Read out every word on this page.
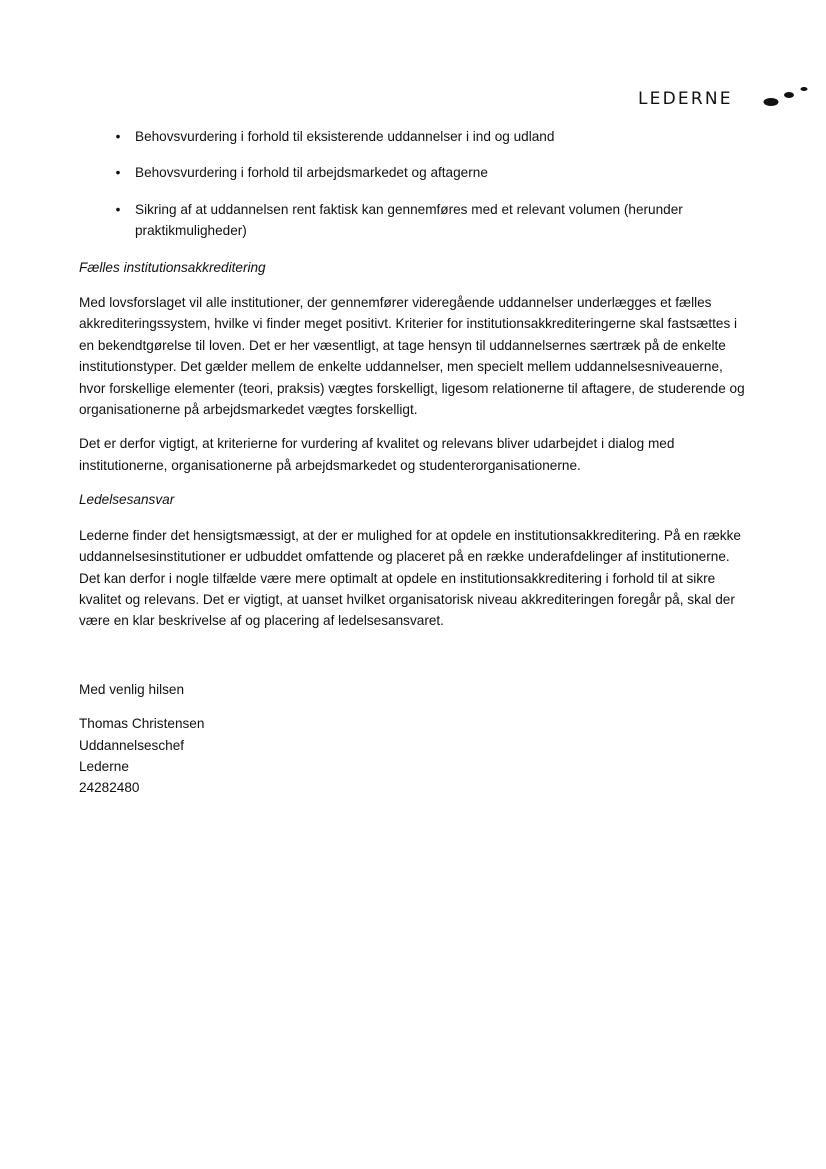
LEDERNE
•	Behovsvurdering i forhold til eksisterende uddannelser i ind og udland
•	Behovsvurdering i forhold til arbejdsmarkedet og aftagerne
•	Sikring af at uddannelsen rent faktisk kan gennemføres med et relevant volumen (herunder praktikmuligheder)

Fælles institutionsakkreditering

Med lovsforslaget vil alle institutioner, der gennemfører videregående uddannelser underlægges et fælles akkrediteringssystem, hvilke vi finder meget positivt. Kriterier for institutionsakkrediteringerne skal fastsættes i en bekendtgørelse til loven. Det er her væsentligt, at tage hensyn til uddannelsernes særtræk på de enkelte institutionstyper. Det gælder mellem de enkelte uddannelser, men specielt mellem uddannelsesniveauerne, hvor forskellige elementer (teori, praksis) vægtes forskelligt, ligesom relationerne til aftagere, de studerende og organisationerne på arbejdsmarkedet vægtes forskelligt.

Det er derfor vigtigt, at kriterierne for vurdering af kvalitet og relevans bliver udarbejdet i dialog med institutionerne, organisationerne på arbejdsmarkedet og studenterorganisationerne.

Ledelsesansvar

Lederne finder det hensigtsmæssigt, at der er mulighed for at opdele en institutionsakkreditering. På en række uddannelsesinstitutioner er udbuddet omfattende og placeret på en række underafdelinger af institutionerne. Det kan derfor i nogle tilfælde være mere optimalt at opdele en institutionsakkreditering i forhold til at sikre kvalitet og relevans. Det er vigtigt, at uanset hvilket organisatorisk niveau akkrediteringen foregår på, skal der være en klar beskrivelse af og placering af ledelsesansvaret.

Med venlig hilsen

Thomas Christensen

Uddannelseschef

Lederne

24282480
